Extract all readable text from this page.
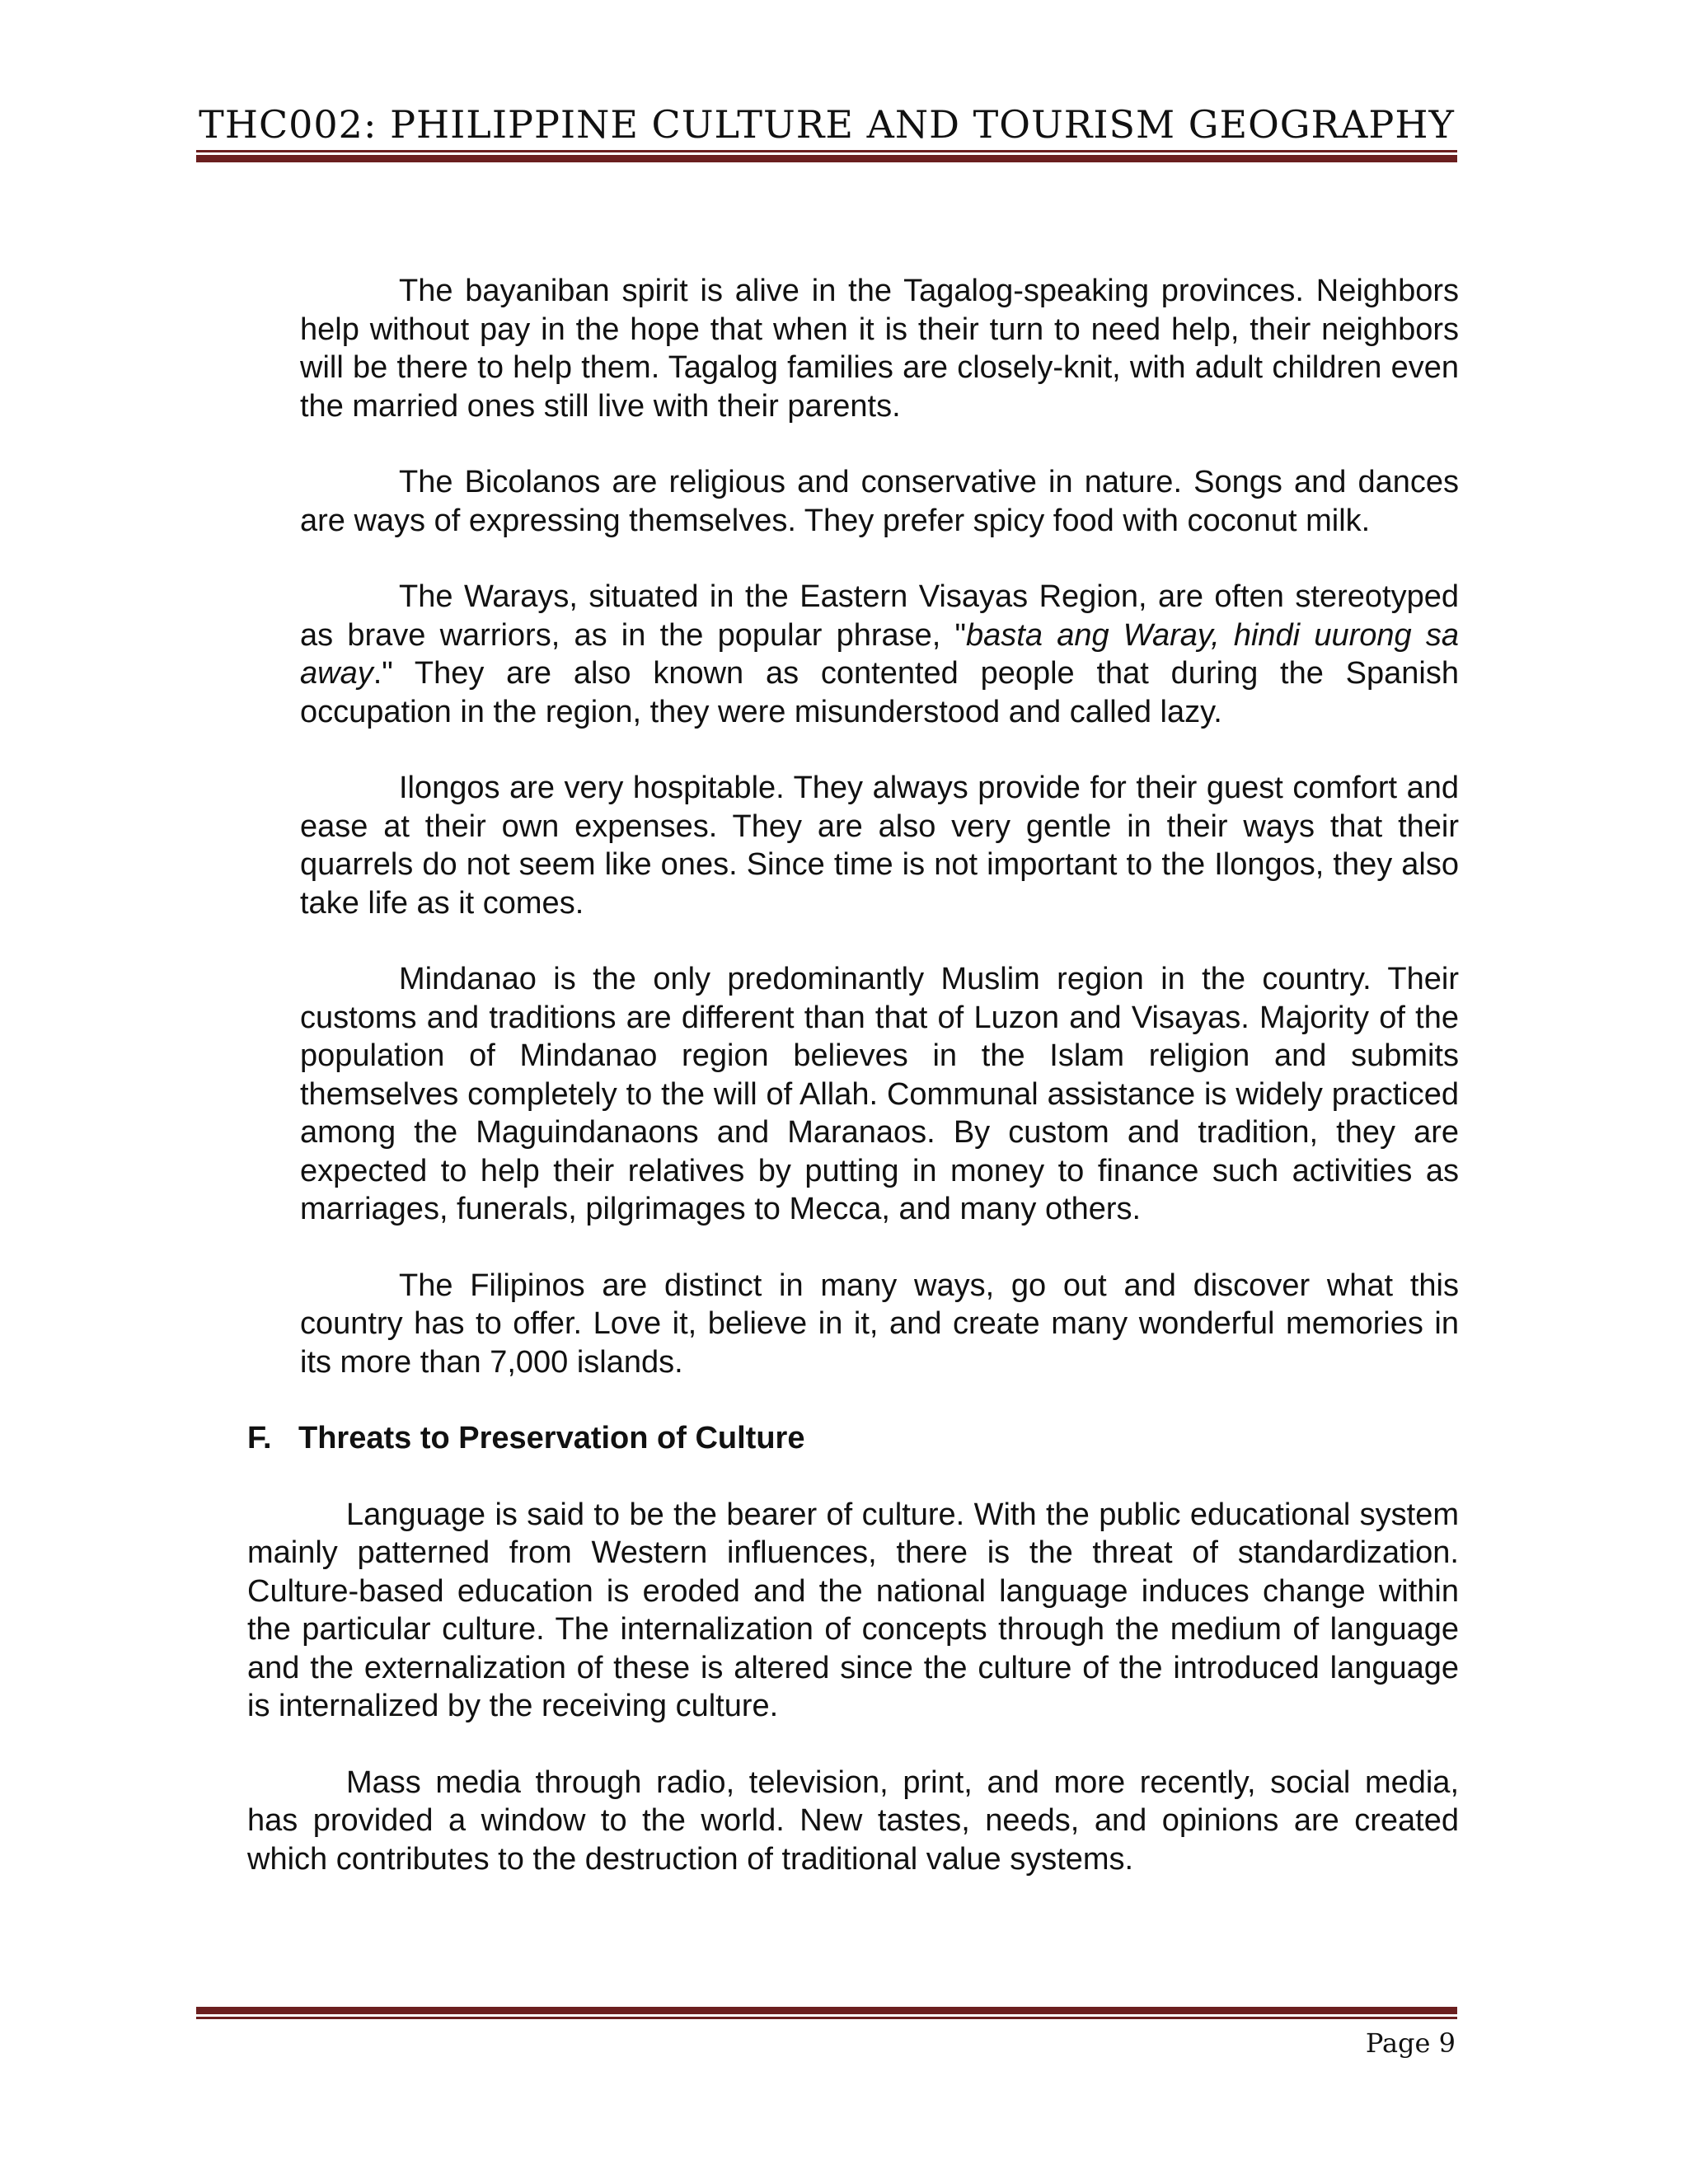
THC002: PHILIPPINE CULTURE AND TOURISM GEOGRAPHY

The bayaniban spirit is alive in the Tagalog-speaking provinces. Neighbors help without pay in the hope that when it is their turn to need help, their neighbors will be there to help them. Tagalog families are closely-knit, with adult children even the married ones still live with their parents.

The Bicolanos are religious and conservative in nature. Songs and dances are ways of expressing themselves. They prefer spicy food with coconut milk.

The Warays, situated in the Eastern Visayas Region, are often stereotyped as brave warriors, as in the popular phrase, "basta ang Waray, hindi uurong sa away." They are also known as contented people that during the Spanish occupation in the region, they were misunderstood and called lazy.

Ilongos are very hospitable. They always provide for their guest comfort and ease at their own expenses. They are also very gentle in their ways that their quarrels do not seem like ones. Since time is not important to the Ilongos, they also take life as it comes.

Mindanao is the only predominantly Muslim region in the country. Their customs and traditions are different than that of Luzon and Visayas. Majority of the population of Mindanao region believes in the Islam religion and submits themselves completely to the will of Allah. Communal assistance is widely practiced among the Maguindanaons and Maranaos. By custom and tradition, they are expected to help their relatives by putting in money to finance such activities as marriages, funerals, pilgrimages to Mecca, and many others.

The Filipinos are distinct in many ways, go out and discover what this country has to offer. Love it, believe in it, and create many wonderful memories in its more than 7,000 islands.

F. Threats to Preservation of Culture

Language is said to be the bearer of culture. With the public educational system mainly patterned from Western influences, there is the threat of standardization. Culture-based education is eroded and the national language induces change within the particular culture. The internalization of concepts through the medium of language and the externalization of these is altered since the culture of the introduced language is internalized by the receiving culture.

Mass media through radio, television, print, and more recently, social media, has provided a window to the world. New tastes, needs, and opinions are created which contributes to the destruction of traditional value systems.

Page 9
